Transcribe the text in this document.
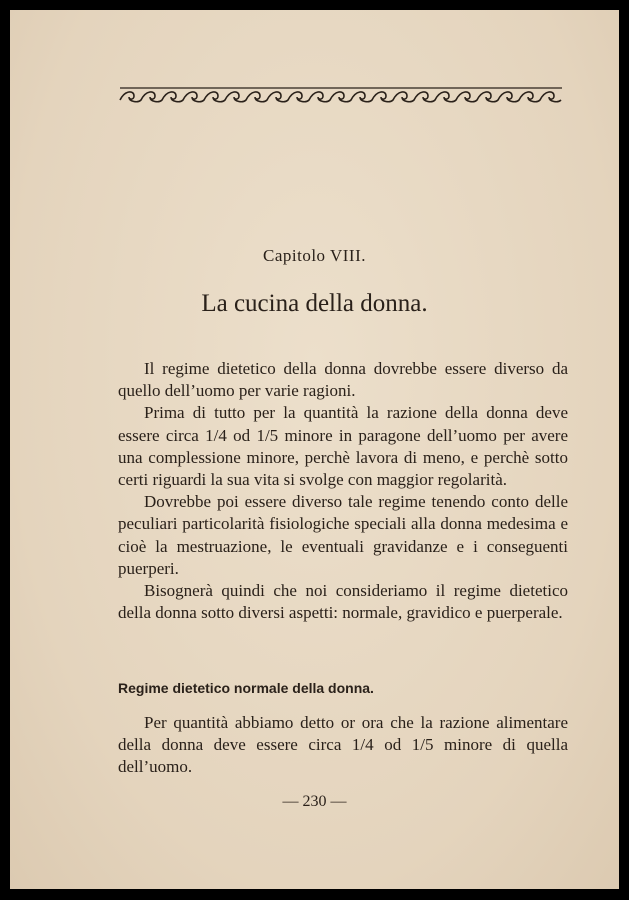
Capitolo VIII.
La cucina della donna.

Il regime dietetico della donna dovrebbe essere diverso da quello dell’uomo per varie ragioni.

Prima di tutto per la quantità la razione della donna deve essere circa 1/4 od 1/5 minore in paragone dell’uomo per avere una complessione minore, perchè lavora di meno, e perchè sotto certi riguardi la sua vita si svolge con maggior regolarità.

Dovrebbe poi essere diverso tale regime tenendo conto delle peculiari particolarità fisiologiche speciali alla donna medesima e cioè la mestruazione, le eventuali gravidanze e i conseguenti puerperi.

Bisognerà quindi che noi consideriamo il regime dietetico della donna sotto diversi aspetti: normale, gravidico e puerperale.

Regime dietetico normale della donna.

Per quantità abbiamo detto or ora che la razione alimentare della donna deve essere circa 1/4 od 1/5 minore di quella dell’uomo.

— 230 —
